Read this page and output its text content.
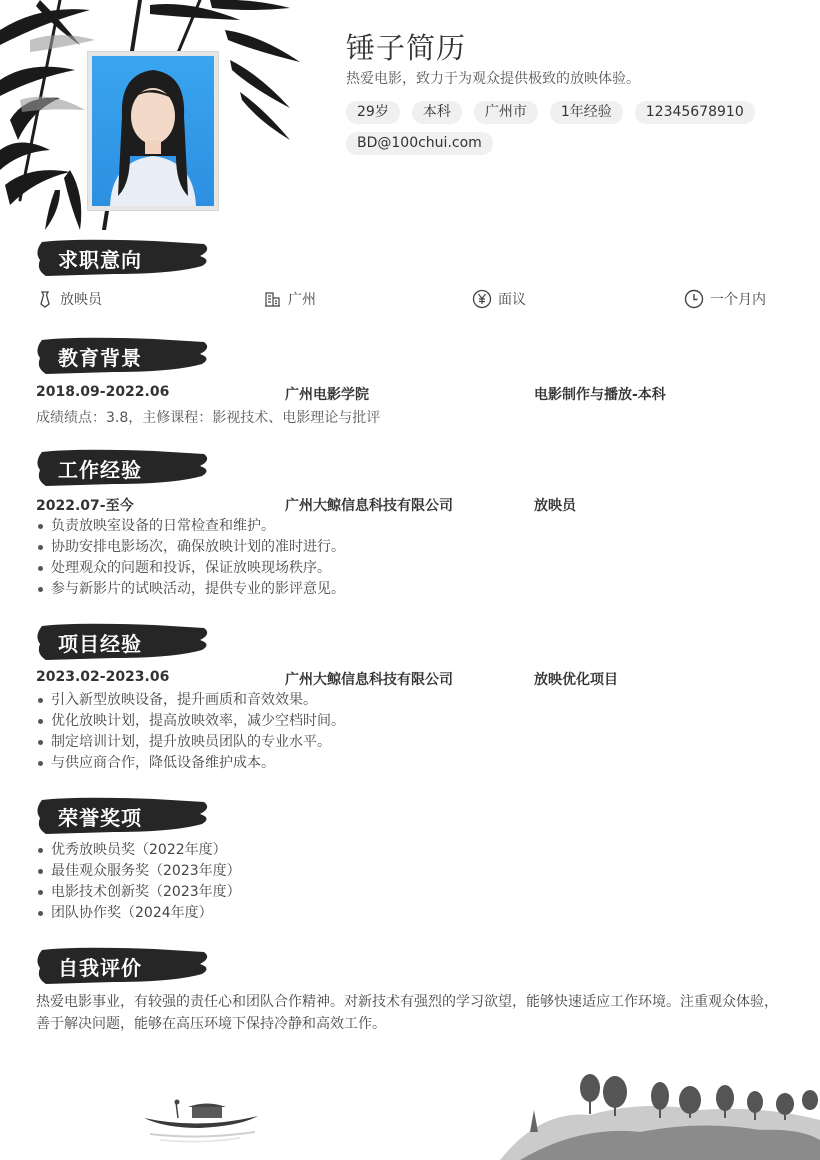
锤子简历
热爱电影，致力于为观众提供极致的放映体验。
29岁	本科	广州市	1年经验	12345678910
BD@100chui.com
求职意向
放映员	广州	面议	一个月内
教育背景
2018.09-2022.06	广州电影学院	电影制作与播放-本科
成绩绩点：3.8，主修课程：影视技术、电影理论与批评
工作经验
2022.07-至今	广州大鲸信息科技有限公司	放映员
负责放映室设备的日常检查和维护。
协助安排电影场次，确保放映计划的准时进行。
处理观众的问题和投诉，保证放映现场秩序。
参与新影片的试映活动，提供专业的影评意见。
项目经验
2023.02-2023.06	广州大鲸信息科技有限公司	放映优化项目
引入新型放映设备，提升画质和音效效果。
优化放映计划，提高放映效率，减少空档时间。
制定培训计划，提升放映员团队的专业水平。
与供应商合作，降低设备维护成本。
荣誉奖项
优秀放映员奖（2022年度）
最佳观众服务奖（2023年度）
电影技术创新奖（2023年度）
团队协作奖（2024年度）
自我评价

热爱电影事业，有较强的责任心和团队合作精神。对新技术有强烈的学习欲望，能够快速适应工作环境。注重观众体验，善于解决问题，能够在高压环境下保持冷静和高效工作。
